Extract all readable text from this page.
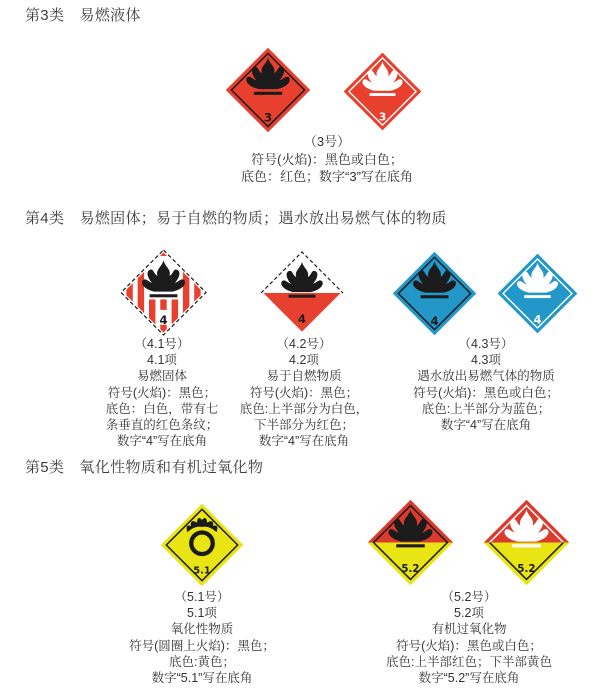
第3类　易燃液体
3	3
（3号）
符号(火焰)：黑色或白色；
底色：红色；数字“3”写在底角
第4类　易燃固体；易于自燃的物质；遇水放出易燃气体的物质
4	4	4	4
（4.1号）
4.1项
易燃固体
符号(火焰)：黑色；
底色：白色，带有七
条垂直的红色条纹；
数字“4”写在底角
（4.2号）
4.2项
易于自燃物质
符号(火焰)：黑色；
底色:上半部分为白色，
下半部分为红色；
数字“4”写在底角
（4.3号）
4.3项
遇水放出易燃气体的物质
符号(火焰)：黑色或白色；
底色:上半部分为蓝色；
数字“4”写在底角
第5类　氧化性物质和有机过氧化物
5.1	5.2	5.2
（5.1号）
5.1项
氧化性物质
符号(圆圈上火焰)：黑色；
底色:黄色；
数字“5.1”写在底角
（5.2号）
5.2项
有机过氧化物
符号(火焰)：黑色或白色；
底色:上半部红色；下半部黄色
数字“5.2”写在底角
